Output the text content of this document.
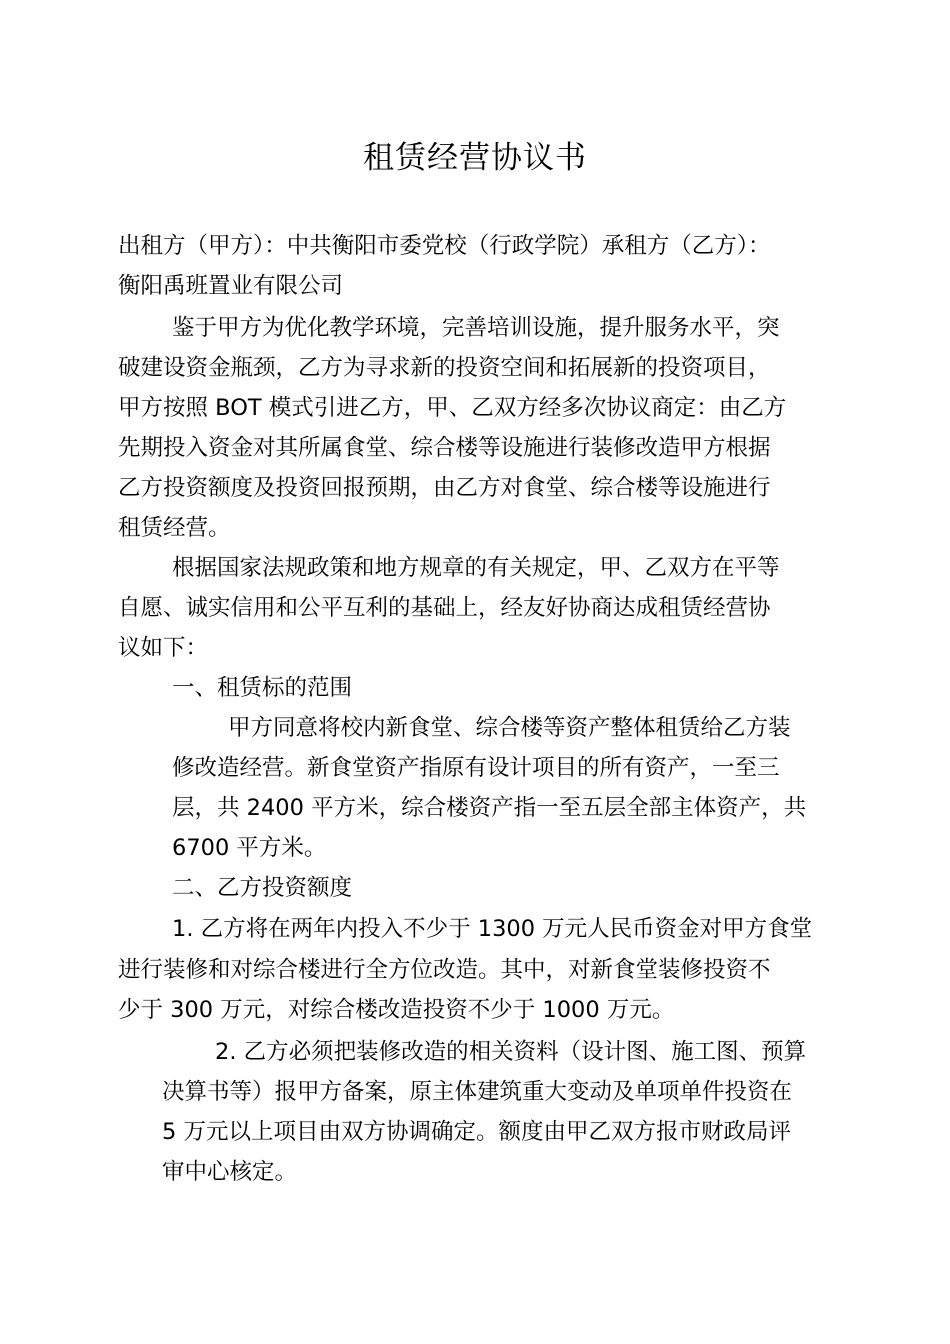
租赁经营协议书

出租方（甲方）：中共衡阳市委党校（行政学院）承租方（乙方）：

衡阳禹班置业有限公司

鉴于甲方为优化教学环境，完善培训设施，提升服务水平，突

破建设资金瓶颈，乙方为寻求新的投资空间和拓展新的投资项目，

甲方按照 BOT 模式引进乙方，甲、乙双方经多次协议商定：由乙方

先期投入资金对其所属食堂、综合楼等设施进行装修改造甲方根据

乙方投资额度及投资回报预期，由乙方对食堂、综合楼等设施进行

租赁经营。

根据国家法规政策和地方规章的有关规定，甲、乙双方在平等

自愿、诚实信用和公平互利的基础上，经友好协商达成租赁经营协

议如下：

一、租赁标的范围

甲方同意将校内新食堂、综合楼等资产整体租赁给乙方装

修改造经营。新食堂资产指原有设计项目的所有资产，一至三

层，共 2400 平方米，综合楼资产指一至五层全部主体资产，共

6700 平方米。

二、乙方投资额度

1. 乙方将在两年内投入不少于 1300 万元人民币资金对甲方食堂

进行装修和对综合楼进行全方位改造。其中，对新食堂装修投资不

少于 300 万元，对综合楼改造投资不少于 1000 万元。

2. 乙方必须把装修改造的相关资料（设计图、施工图、预算

决算书等）报甲方备案，原主体建筑重大变动及单项单件投资在

5 万元以上项目由双方协调确定。额度由甲乙双方报市财政局评

审中心核定。
